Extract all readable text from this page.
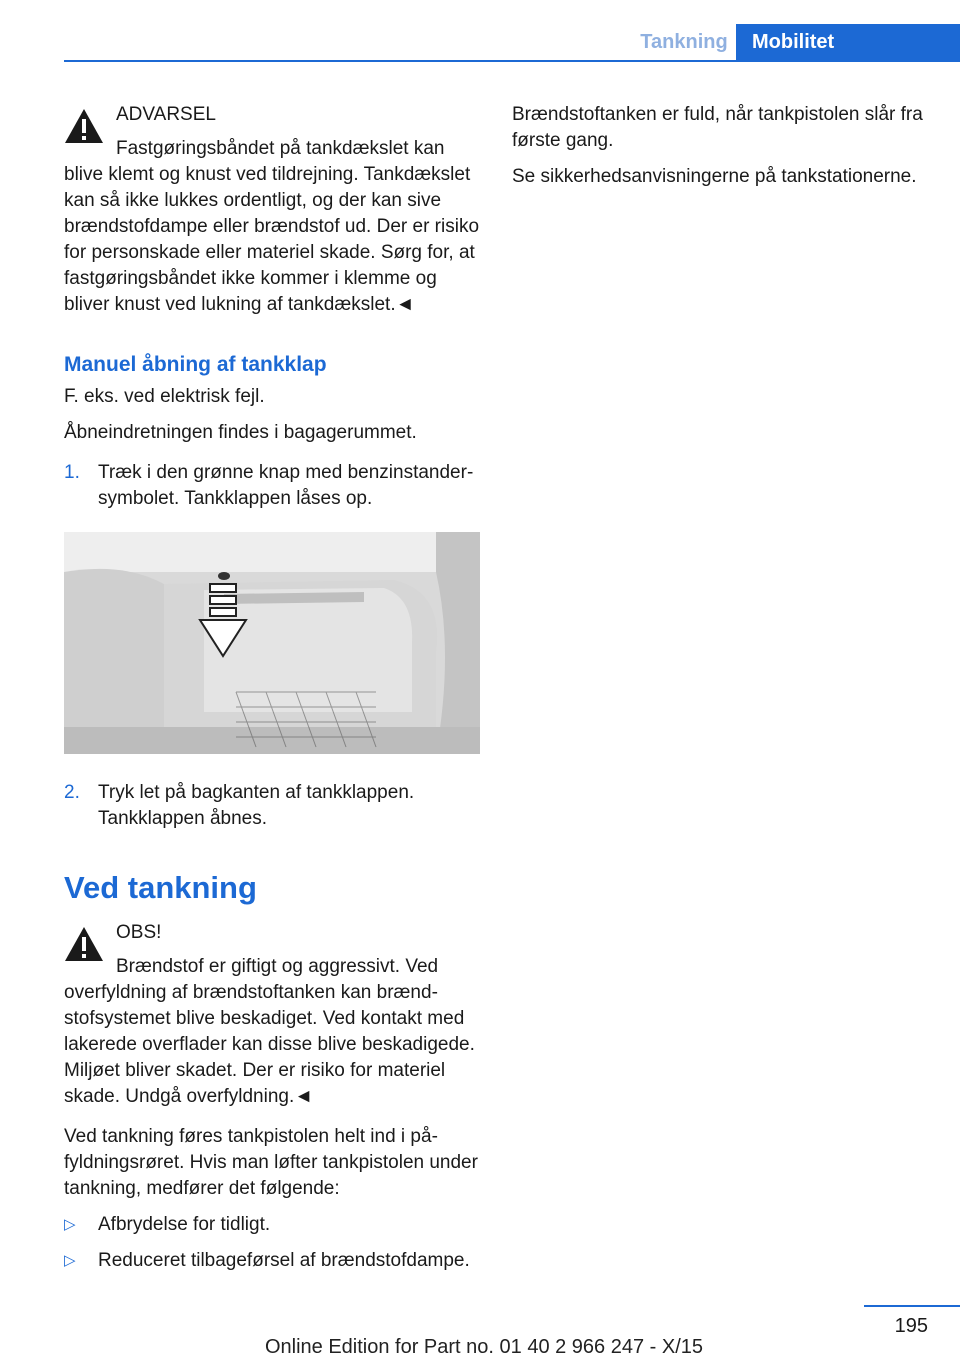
Tankning	Mobilitet

ADVARSEL

Fastgøringsbåndet på tankdækslet kan blive klemt og knust ved tildrejning. Tankdækslet kan så ikke lukkes ordentligt, og der kan sive brændstofdampe eller brændstof ud. Der er risiko for personskade eller materiel skade. Sørg for, at fastgøringsbåndet ikke kommer i klemme og bliver knust ved lukning af tankdækslet.◄

Manuel åbning af tankklap

F. eks. ved elektrisk fejl.

Åbneindretningen findes i bagagerummet.

1. Træk i den grønne knap med benzinstander-symbolet. Tankklappen låses op.
2. Tryk let på bagkanten af tankklappen. Tankklappen åbnes.
Ved tankning

OBS!

Brændstof er giftigt og aggressivt. Ved overfyldning af brændstoftanken kan brændstofsystemet blive beskadiget. Ved kontakt med lakerede overflader kan disse blive beskadigede. Miljøet bliver skadet. Der er risiko for materiel skade. Undgå overfyldning.◄

Ved tankning føres tankpistolen helt ind i påfyldningsrøret. Hvis man løfter tankpistolen under tankning, medfører det følgende:

▷ Afbrydelse for tidligt.
▷ Reduceret tilbageførsel af brændstofdampe.

Brændstoftanken er fuld, når tankpistolen slår fra første gang.

Se sikkerhedsanvisningerne på tankstationerne.

195
Online Edition for Part no. 01 40 2 966 247 - X/15
